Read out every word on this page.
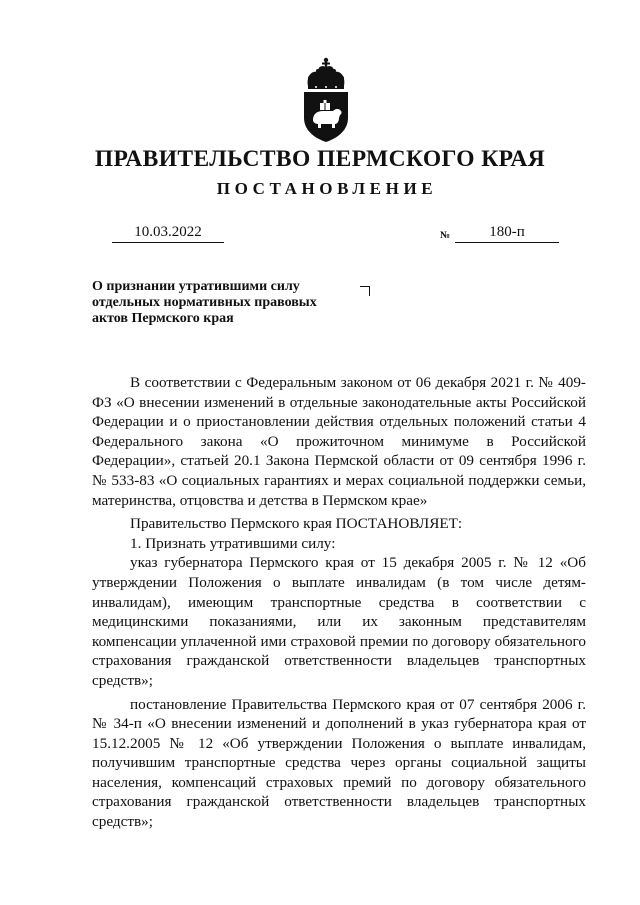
ПРАВИТЕЛЬСТВО ПЕРМСКОГО КРАЯ
ПОСТАНОВЛЕНИЕ
10.03.2022	№	180-п
О признании утратившими силу
отдельных нормативных правовых
актов Пермского края

В соответствии с Федеральным законом от 06 декабря 2021 г. № 409-ФЗ «О внесении изменений в отдельные законодательные акты Российской Федерации и о приостановлении действия отдельных положений статьи 4 Федерального закона «О прожиточном минимуме в Российской Федерации», статьей 20.1 Закона Пермской области от 09 сентября 1996 г. № 533-83 «О социальных гарантиях и мерах социальной поддержки семьи, материнства, отцовства и детства в Пермском крае»

Правительство Пермского края ПОСТАНОВЛЯЕТ:

1. Признать утратившими силу:

указ губернатора Пермского края от 15 декабря 2005 г. № 12 «Об утверждении Положения о выплате инвалидам (в том числе детям-инвалидам), имеющим транспортные средства в соответствии с медицинскими показаниями, или их законным представителям компенсации уплаченной ими страховой премии по договору обязательного страхования гражданской ответственности владельцев транспортных средств»;

постановление Правительства Пермского края от 07 сентября 2006 г. № 34-п «О внесении изменений и дополнений в указ губернатора края от 15.12.2005 № 12 «Об утверждении Положения о выплате инвалидам, получившим транспортные средства через органы социальной защиты населения, компенсаций страховых премий по договору обязательного страхования гражданской ответственности владельцев транспортных средств»;
